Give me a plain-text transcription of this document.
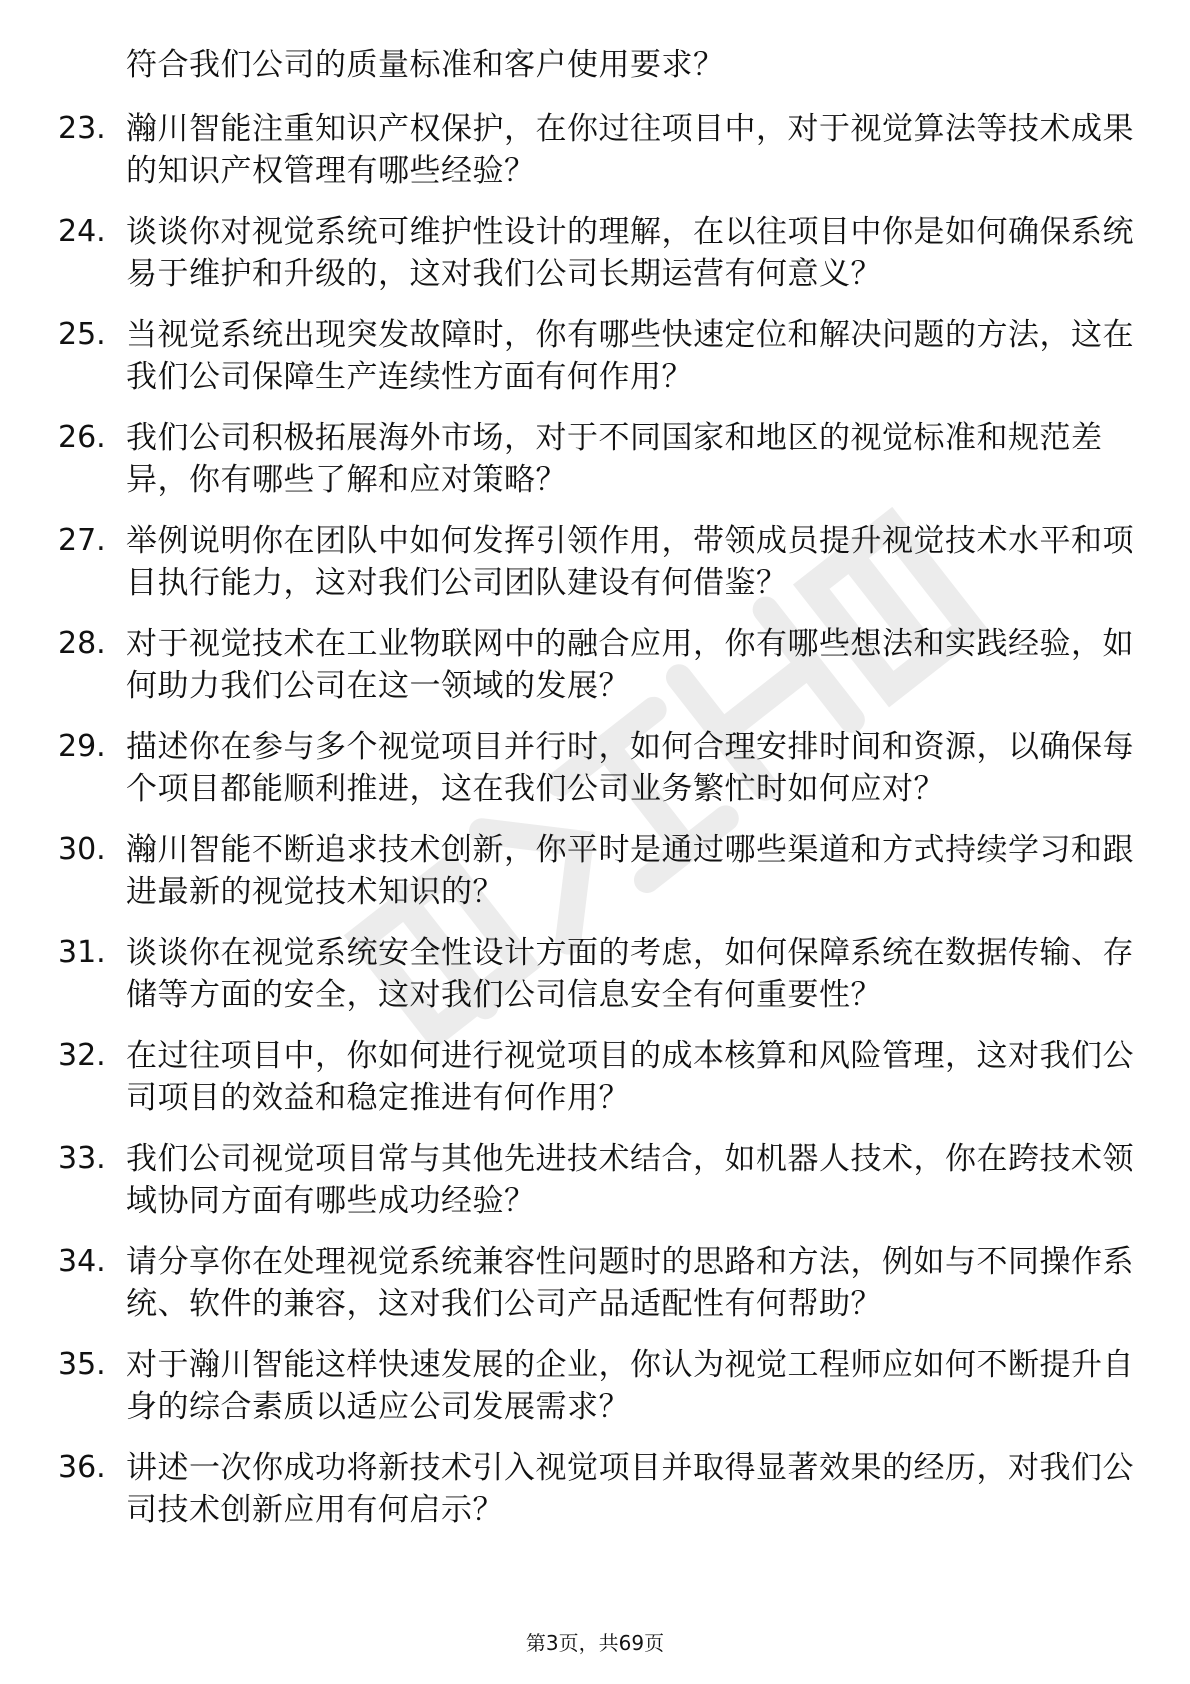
符合我们公司的质量标准和客户使用要求？
23. 瀚川智能注重知识产权保护，在你过往项目中，对于视觉算法等技术成果的知识产权管理有哪些经验？
24. 谈谈你对视觉系统可维护性设计的理解，在以往项目中你是如何确保系统易于维护和升级的，这对我们公司长期运营有何意义？
25. 当视觉系统出现突发故障时，你有哪些快速定位和解决问题的方法，这在我们公司保障生产连续性方面有何作用？
26. 我们公司积极拓展海外市场，对于不同国家和地区的视觉标准和规范差异，你有哪些了解和应对策略？
27. 举例说明你在团队中如何发挥引领作用，带领成员提升视觉技术水平和项目执行能力，这对我们公司团队建设有何借鉴？
28. 对于视觉技术在工业物联网中的融合应用，你有哪些想法和实践经验，如何助力我们公司在这一领域的发展？
29. 描述你在参与多个视觉项目并行时，如何合理安排时间和资源，以确保每个项目都能顺利推进，这在我们公司业务繁忙时如何应对？
30. 瀚川智能不断追求技术创新，你平时是通过哪些渠道和方式持续学习和跟进最新的视觉技术知识的？
31. 谈谈你在视觉系统安全性设计方面的考虑，如何保障系统在数据传输、存储等方面的安全，这对我们公司信息安全有何重要性？
32. 在过往项目中，你如何进行视觉项目的成本核算和风险管理，这对我们公司项目的效益和稳定推进有何作用？
33. 我们公司视觉项目常与其他先进技术结合，如机器人技术，你在跨技术领域协同方面有哪些成功经验？
34. 请分享你在处理视觉系统兼容性问题时的思路和方法，例如与不同操作系统、软件的兼容，这对我们公司产品适配性有何帮助？
35. 对于瀚川智能这样快速发展的企业，你认为视觉工程师应如何不断提升自身的综合素质以适应公司发展需求？
36. 讲述一次你成功将新技术引入视觉项目并取得显著效果的经历，对我们公司技术创新应用有何启示？
第3页，共69页
